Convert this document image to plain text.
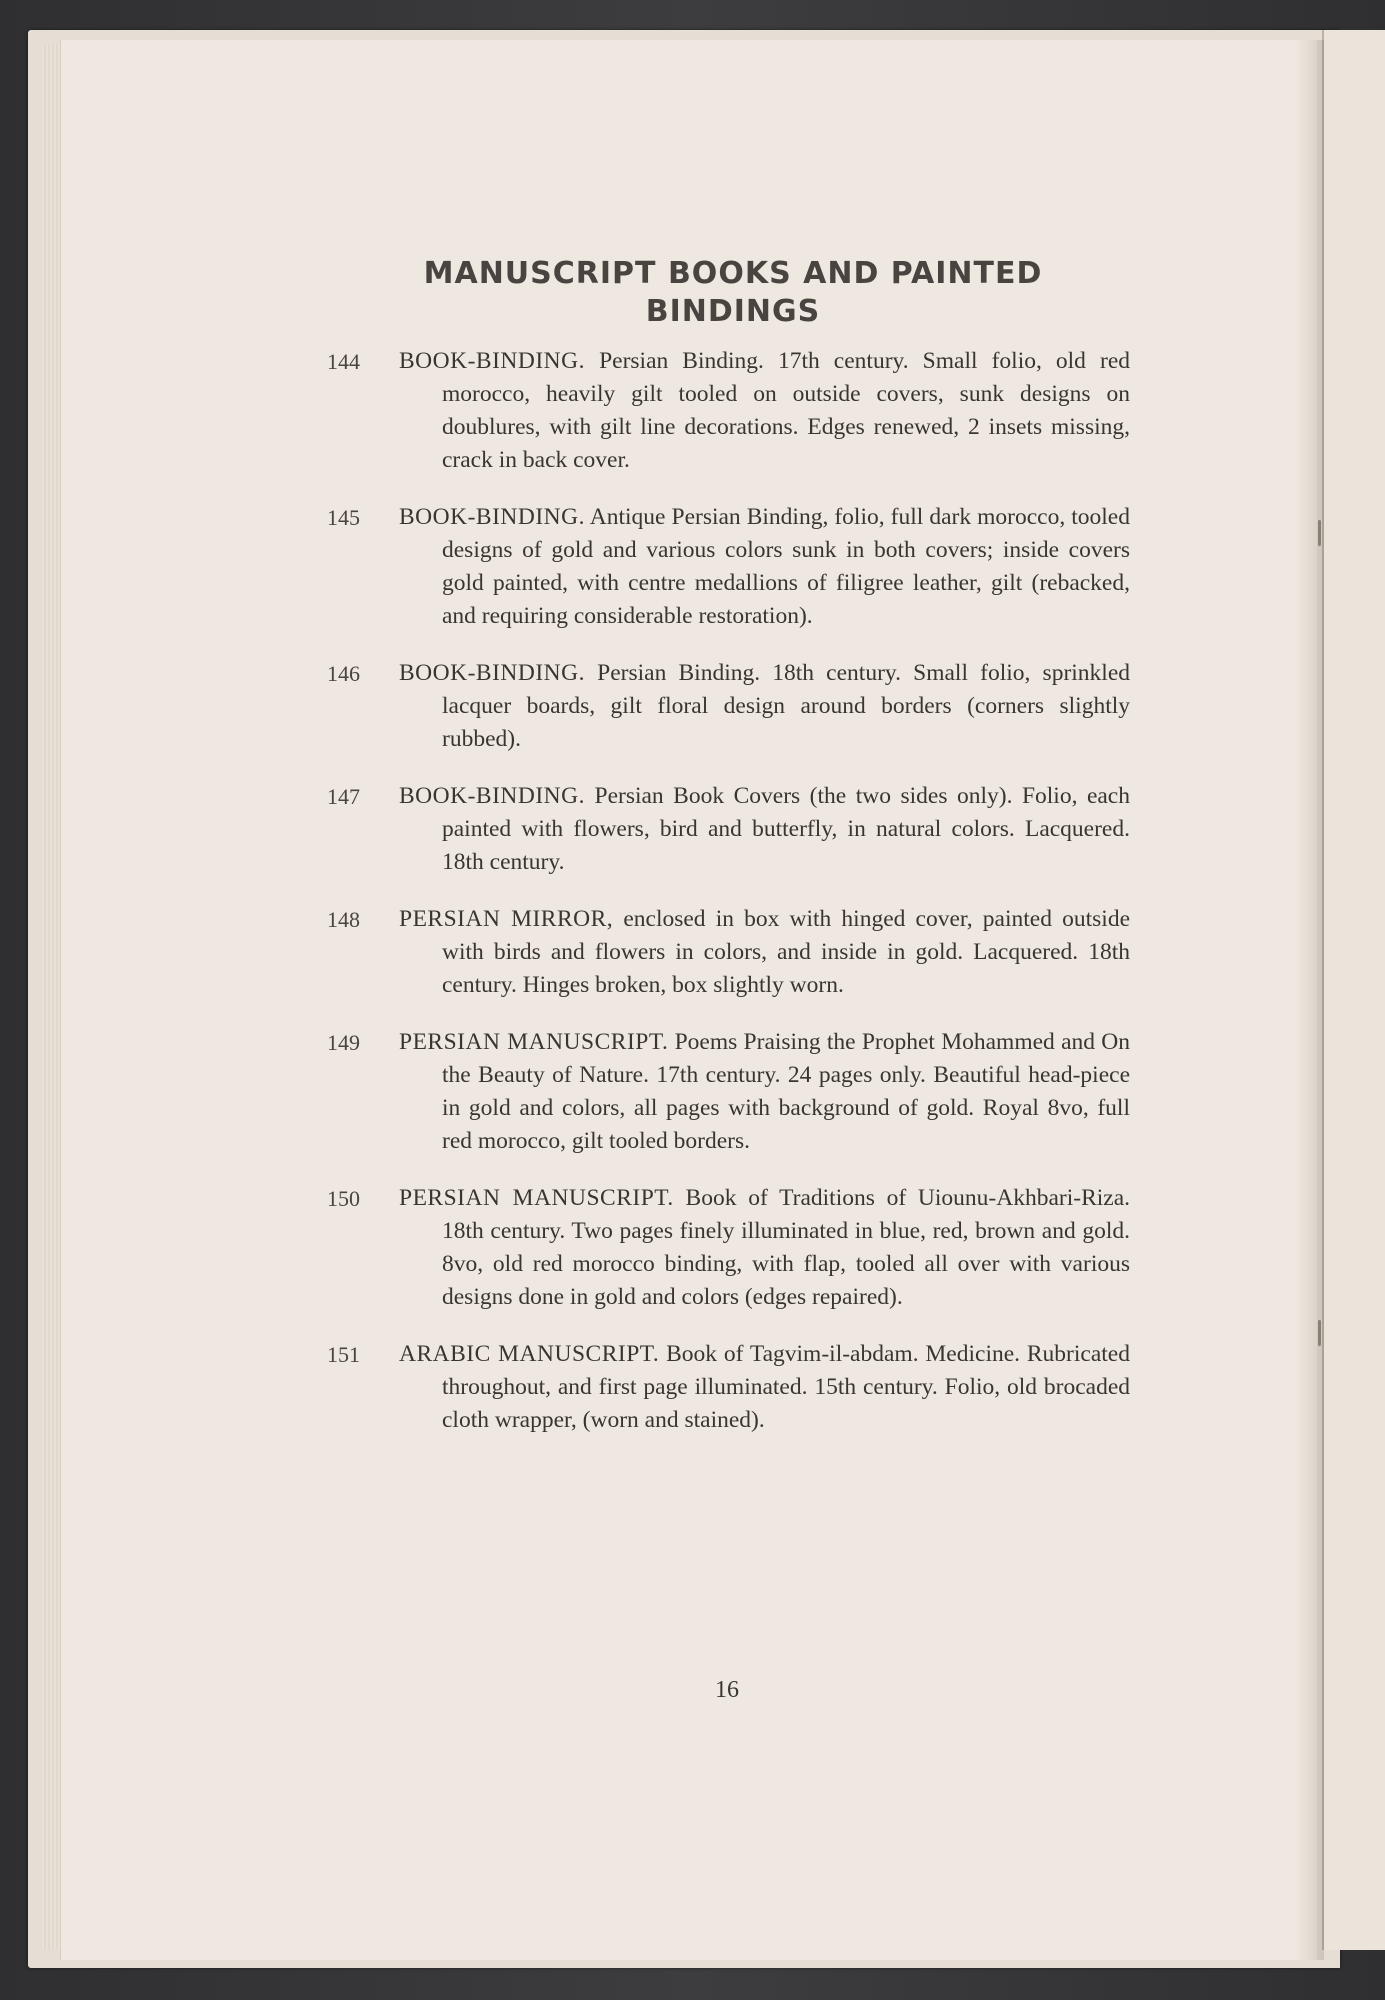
MANUSCRIPT BOOKS AND PAINTED BINDINGS
144 BOOK-BINDING. Persian Binding. 17th century. Small folio, old red morocco, heavily gilt tooled on outside covers, sunk designs on doublures, with gilt line decorations. Edges renewed, 2 insets missing, crack in back cover.
145 BOOK-BINDING. Antique Persian Binding, folio, full dark morocco, tooled designs of gold and various colors sunk in both covers; inside covers gold painted, with centre medallions of filigree leather, gilt (rebacked, and requiring considerable restoration).
146 BOOK-BINDING. Persian Binding. 18th century. Small folio, sprinkled lacquer boards, gilt floral design around borders (corners slightly rubbed).
147 BOOK-BINDING. Persian Book Covers (the two sides only). Folio, each painted with flowers, bird and butterfly, in natural colors. Lacquered. 18th century.
148 PERSIAN MIRROR, enclosed in box with hinged cover, painted outside with birds and flowers in colors, and inside in gold. Lacquered. 18th century. Hinges broken, box slightly worn.
149 PERSIAN MANUSCRIPT. Poems Praising the Prophet Mohammed and On the Beauty of Nature. 17th century. 24 pages only. Beautiful head-piece in gold and colors, all pages with background of gold. Royal 8vo, full red morocco, gilt tooled borders.
150 PERSIAN MANUSCRIPT. Book of Traditions of Uiounu-Akhbari-Riza. 18th century. Two pages finely illuminated in blue, red, brown and gold. 8vo, old red morocco binding, with flap, tooled all over with various designs done in gold and colors (edges repaired).
151 ARABIC MANUSCRIPT. Book of Tagvim-il-abdam. Medicine. Rubricated throughout, and first page illuminated. 15th century. Folio, old brocaded cloth wrapper, (worn and stained).
16
